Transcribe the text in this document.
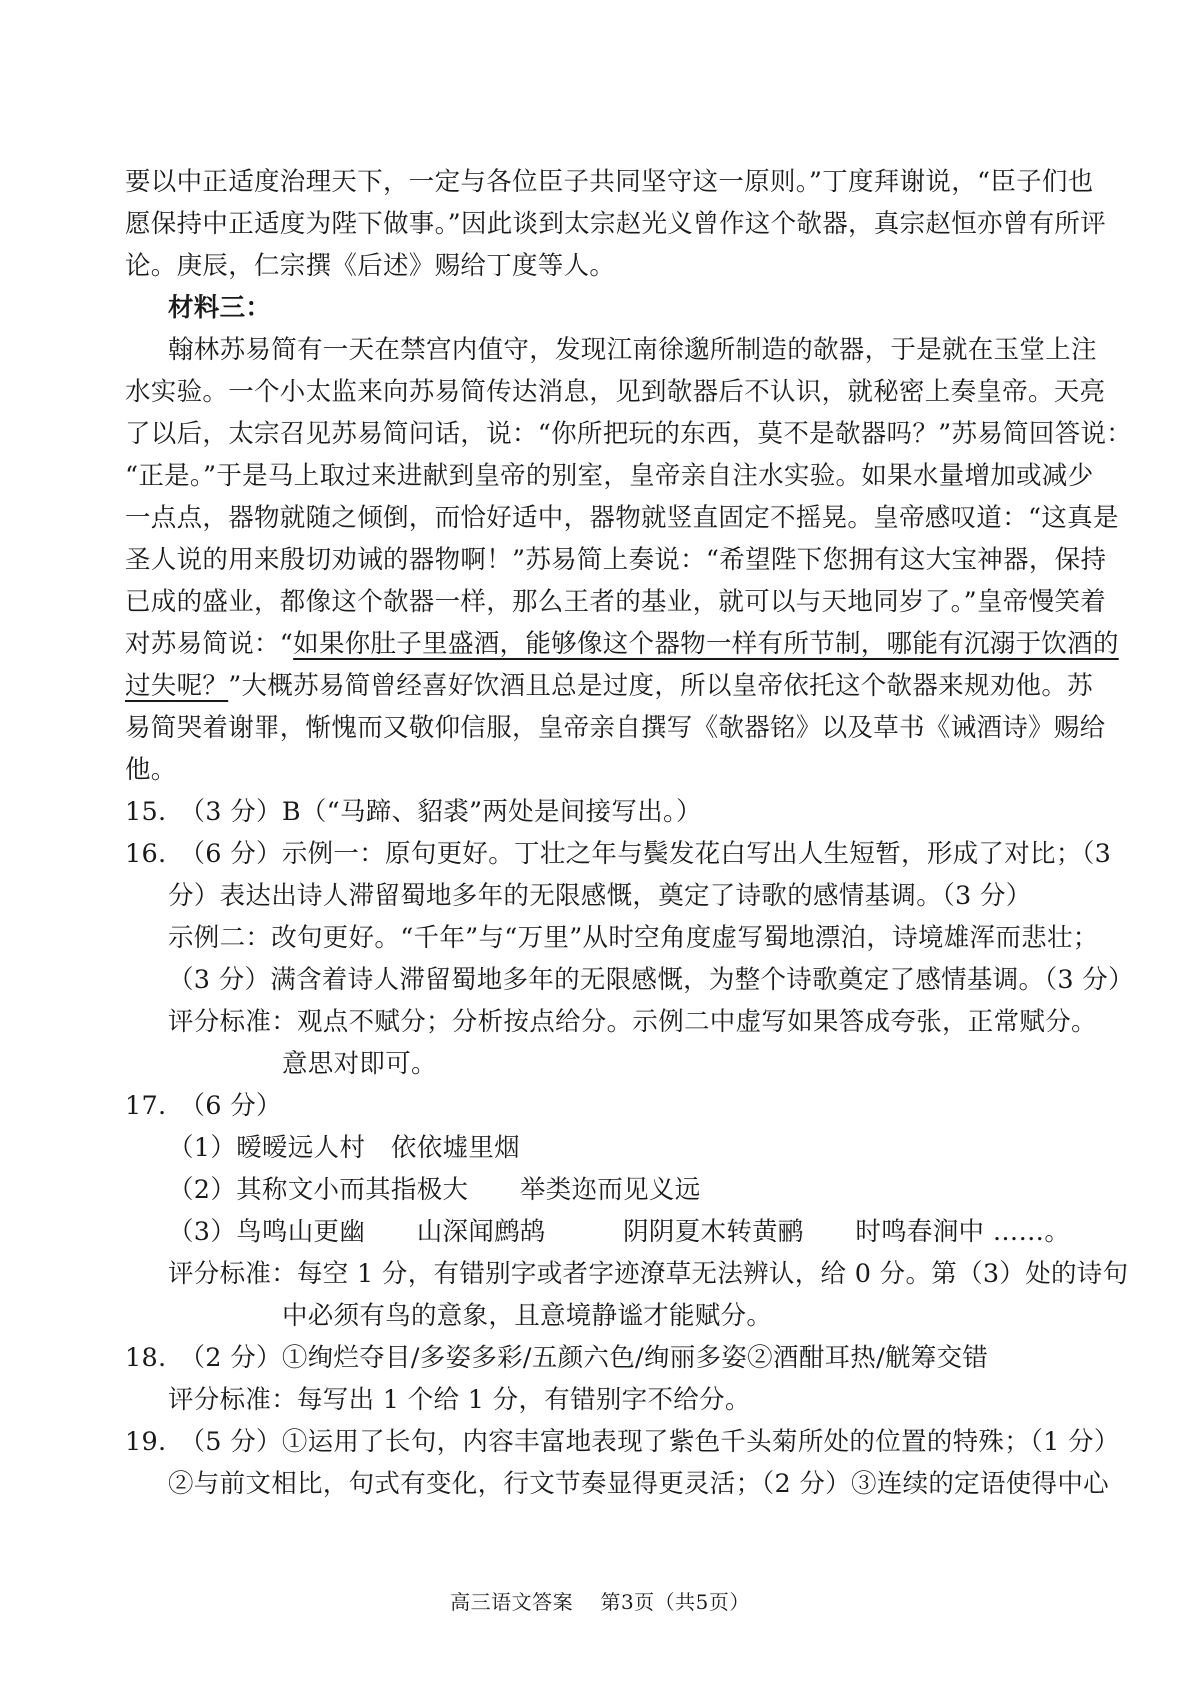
要以中正适度治理天下，一定与各位臣子共同坚守这一原则。”丁度拜谢说，“臣子们也
愿保持中正适度为陛下做事。”因此谈到太宗赵光义曾作这个欹器，真宗赵恒亦曾有所评
论。庚辰，仁宗撰《后述》赐给丁度等人。
材料三：
翰林苏易简有一天在禁宫内值守，发现江南徐邈所制造的欹器，于是就在玉堂上注
水实验。一个小太监来向苏易简传达消息，见到欹器后不认识，就秘密上奏皇帝。天亮
了以后，太宗召见苏易简问话，说：“你所把玩的东西，莫不是欹器吗？”苏易简回答说：
“正是。”于是马上取过来进献到皇帝的别室，皇帝亲自注水实验。如果水量增加或减少
一点点，器物就随之倾倒，而恰好适中，器物就竖直固定不摇晃。皇帝感叹道：“这真是
圣人说的用来殷切劝诫的器物啊！”苏易简上奏说：“希望陛下您拥有这大宝神器，保持
已成的盛业，都像这个欹器一样，那么王者的基业，就可以与天地同岁了。”皇帝慢笑着
对苏易简说：“如果你肚子里盛酒，能够像这个器物一样有所节制，哪能有沉溺于饮酒的
过失呢？”大概苏易简曾经喜好饮酒且总是过度，所以皇帝依托这个欹器来规劝他。苏
易简哭着谢罪，惭愧而又敬仰信服，皇帝亲自撰写《欹器铭》以及草书《诫酒诗》赐给
他。
15.　（3 分）B（“马蹄、貂裘”两处是间接写出。）
16.　（6 分）示例一：原句更好。丁壮之年与鬓发花白写出人生短暂，形成了对比；（3
分）表达出诗人滞留蜀地多年的无限感慨，奠定了诗歌的感情基调。（3 分）
示例二：改句更好。“千年”与“万里”从时空角度虚写蜀地漂泊，诗境雄浑而悲壮；
（3 分）满含着诗人滞留蜀地多年的无限感慨，为整个诗歌奠定了感情基调。（3 分）
评分标准：观点不赋分；分析按点给分。示例二中虚写如果答成夸张，正常赋分。
意思对即可。
17.　（6 分）
（1）暧暧远人村　依依墟里烟
（2）其称文小而其指极大　　举类迩而见义远
（3）鸟鸣山更幽　　山深闻鹧鸪　　　阴阴夏木转黄鹂　　时鸣春涧中 ……。
评分标准：每空 1 分，有错别字或者字迹潦草无法辨认，给 0 分。第（3）处的诗句
中必须有鸟的意象，且意境静谧才能赋分。
18.　（2 分）①绚烂夺目/多姿多彩/五颜六色/绚丽多姿②酒酣耳热/觥筹交错
评分标准：每写出 1 个给 1 分，有错别字不给分。
19.　（5 分）①运用了长句，内容丰富地表现了紫色千头菊所处的位置的特殊；（1 分）
②与前文相比，句式有变化，行文节奏显得更灵活；（2 分）③连续的定语使得中心
高三语文答案　 第3页（共5页）
